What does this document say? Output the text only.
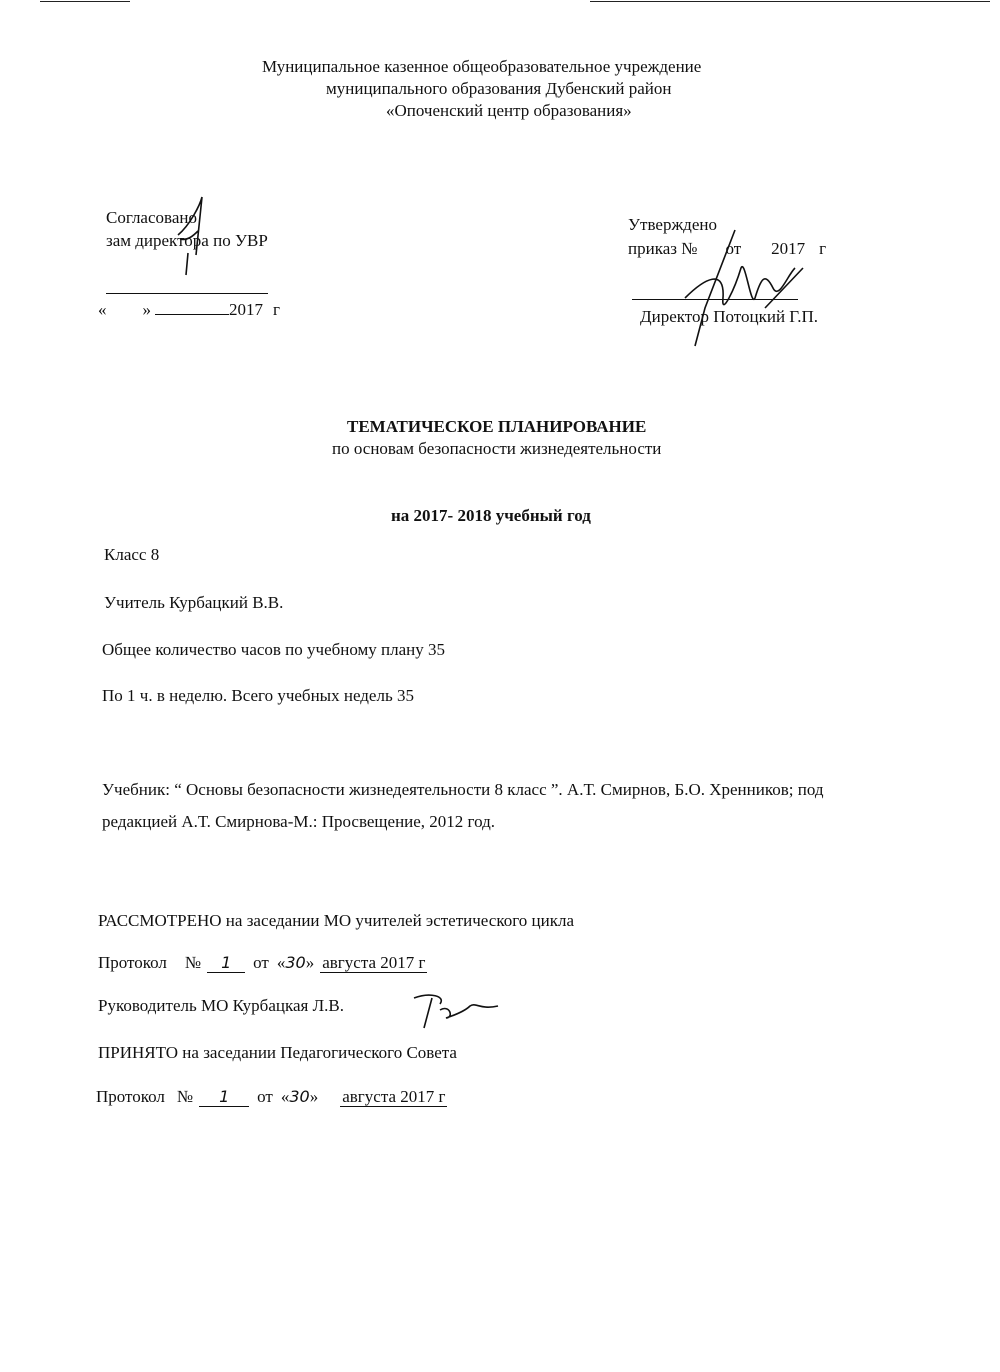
Муниципальное казенное общеобразовательное учреждение
муниципального образования Дубенский район
«Опоченский центр образования»
Согласовано
зам директора по УВР
« »	2017 г
Утверждено
приказ № от 2017 г
Директор Потоцкий Г.П.
ТЕМАТИЧЕСКОЕ ПЛАНИРОВАНИЕ
по основам безопасности жизнедеятельности
на 2017- 2018 учебный год
Класс 8
Учитель Курбацкий В.В.
Общее количество часов по учебному плану 35
По 1 ч. в неделю. Всего учебных недель 35
Учебник: “ Основы безопасности жизнедеятельности 8 класс ”. А.Т. Смирнов, Б.О. Хренников; под
редакцией А.Т. Смирнова-М.: Просвещение, 2012 год.
РАССМОТРЕНО на заседании МО учителей эстетического цикла
Протокол № 1 от «30» августа 2017 г
Руководитель МО Курбацкая Л.В.
ПРИНЯТО на заседании Педагогического Совета
Протокол № 1 от «30» августа 2017 г
